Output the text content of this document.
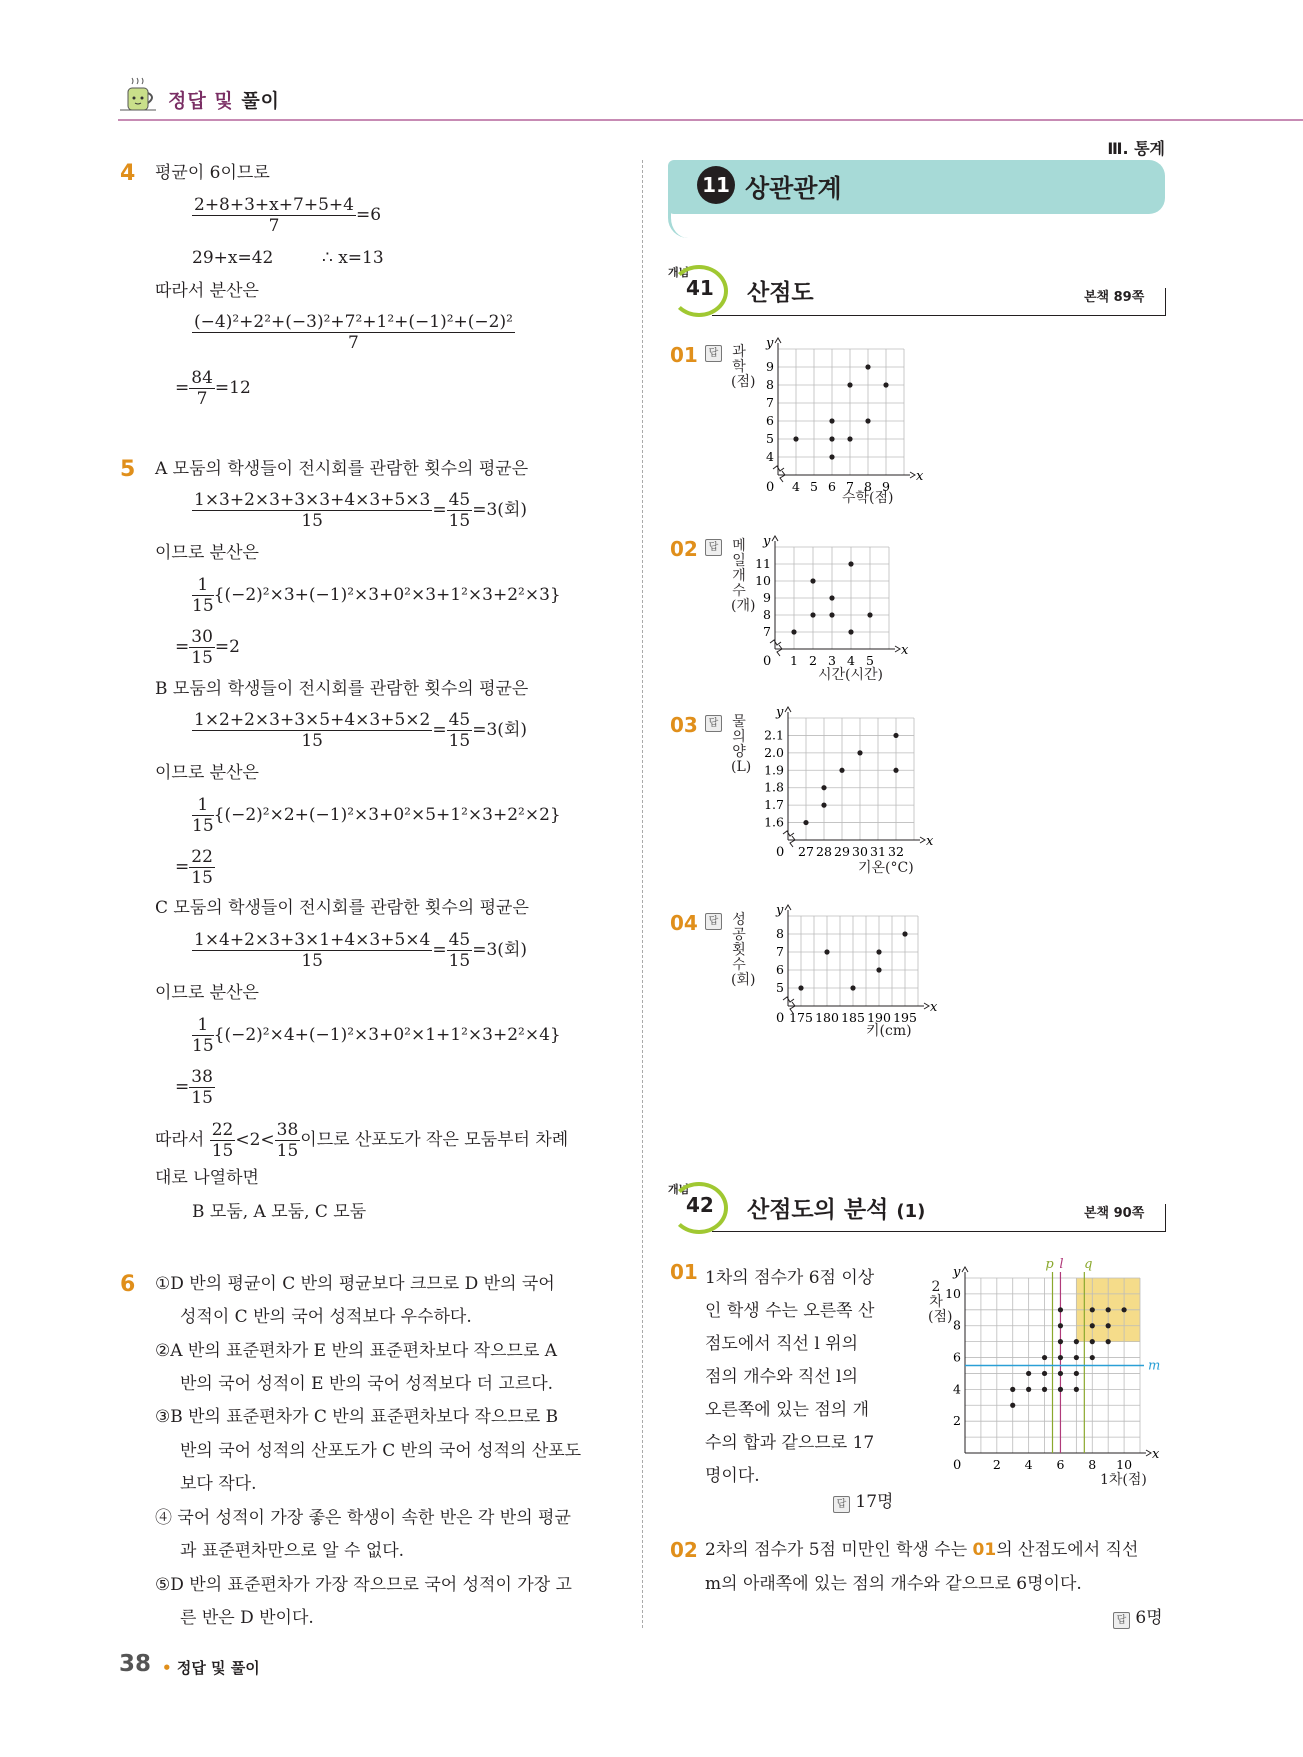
정답 및 풀이
Ⅲ. 통계
4 평균이 6이므로
$\frac{2+8+3+x+7+5+4}{7} =6$
29+x=42	∴ x=13
따라서 분산은
$\frac{\text{(−4)²+2²+(−3)²+7²+1²+(−1)²+(−2)²}}{7}$
= $\frac{84}{7} =12$
5 A 모둠의 학생들이 전시회를 관람한 횟수의 평균은
$\frac{1\times 3+2\times 3+3\times 3+4\times 3+5\times 3}{15} = \frac{45}{15} =3$(회)
이므로 분산은
$\frac{1}{15} \{(-2)^2\times 3+(-1)^2\times 3+0^2\times 3+1^2\times 3+2^2\times 3\}$
= $\frac{30}{15} =2$
B 모둠의 학생들이 전시회를 관람한 횟수의 평균은
$\frac{1\times 2+2\times 3+3\times 5+4\times 3+5\times 2}{15} = \frac{45}{15} =3$(회)
이므로 분산은
$\frac{1}{15} \{(-2)^2\times 2+(-1)^2\times 3+0^2\times 5+1^2\times 3+2^2\times 2\}$
= $\frac{22}{15}$
C 모둠의 학생들이 전시회를 관람한 횟수의 평균은
$\frac{1\times 4+2\times 3+3\times 1+4\times 3+5\times 4}{15} = \frac{45}{15} =3$(회)
이므로 분산은
$\frac{1}{15} \{(-2)^2\times 4+(-1)^2\times 3+0^2\times 1+1^2\times 3+2^2\times 4\}$
= $\frac{38}{15}$
따라서 $\frac{22}{15} <2< \frac{38}{15}$ 이므로 산포도가 작은 모둠부터 차례
대로 나열하면
B 모둠, A 모둠, C 모둠
6 ①D 반의 평균이 C 반의 평균보다 크므로 D 반의 국어
성적이 C 반의 국어 성적보다 우수하다.
②A 반의 표준편차가 E 반의 표준편차보다 작으므로 A
반의 국어 성적이 E 반의 국어 성적보다 더 고르다.
③B 반의 표준편차가 C 반의 표준편차보다 작으므로 B
반의 국어 성적의 산포도가 C 반의 국어 성적의 산포도
보다 작다.
④ 국어 성적이 가장 좋은 학생이 속한 반은 각 반의 평균
과 표준편차만으로 알 수 없다.
⑤D 반의 표준편차가 가장 작으므로 국어 성적이 가장 고
른 반은 D 반이다.
11 상관관계
개념
41 산점도	본책 89쪽
01	답 과학(점)
x
y
0 4 5 6 7 8 9
4
5
6
7
8
9
수학(점)
02	답 메일 개수(개)
x
y
0 1 2 3 4 5
7
8
9
10
11
시간(시간)
03	답 물의 양(L)
x
y
0 27 28 29 30 31 32
1.6
1.7
1.8
1.9
2.0
2.1
기온(°C)
04	답 성공 횟수(회)
x
y
0 175 180 185 190 195
5
6
7
8
키(cm)
개념
42 산점도의 분석 (1)	본책 90쪽
01 1차의 점수가 6점 이상
인 학생 수는 오른쪽 산
점도에서 직선 l 위의
점의 개수와 직선 l의
오른쪽에 있는 점의 개
수의 합과 같으므로 17
명이다.
답 17명
2차(점)
x
y
0	2 4 6 8 10
2
4
6
8
10
p l q
m
1차(점)
02 2차의 점수가 5점 미만인 학생 수는 01의 산점도에서 직선
m의 아래쪽에 있는 점의 개수와 같으므로 6명이다.
답 6명
38 • 정답 및 풀이
